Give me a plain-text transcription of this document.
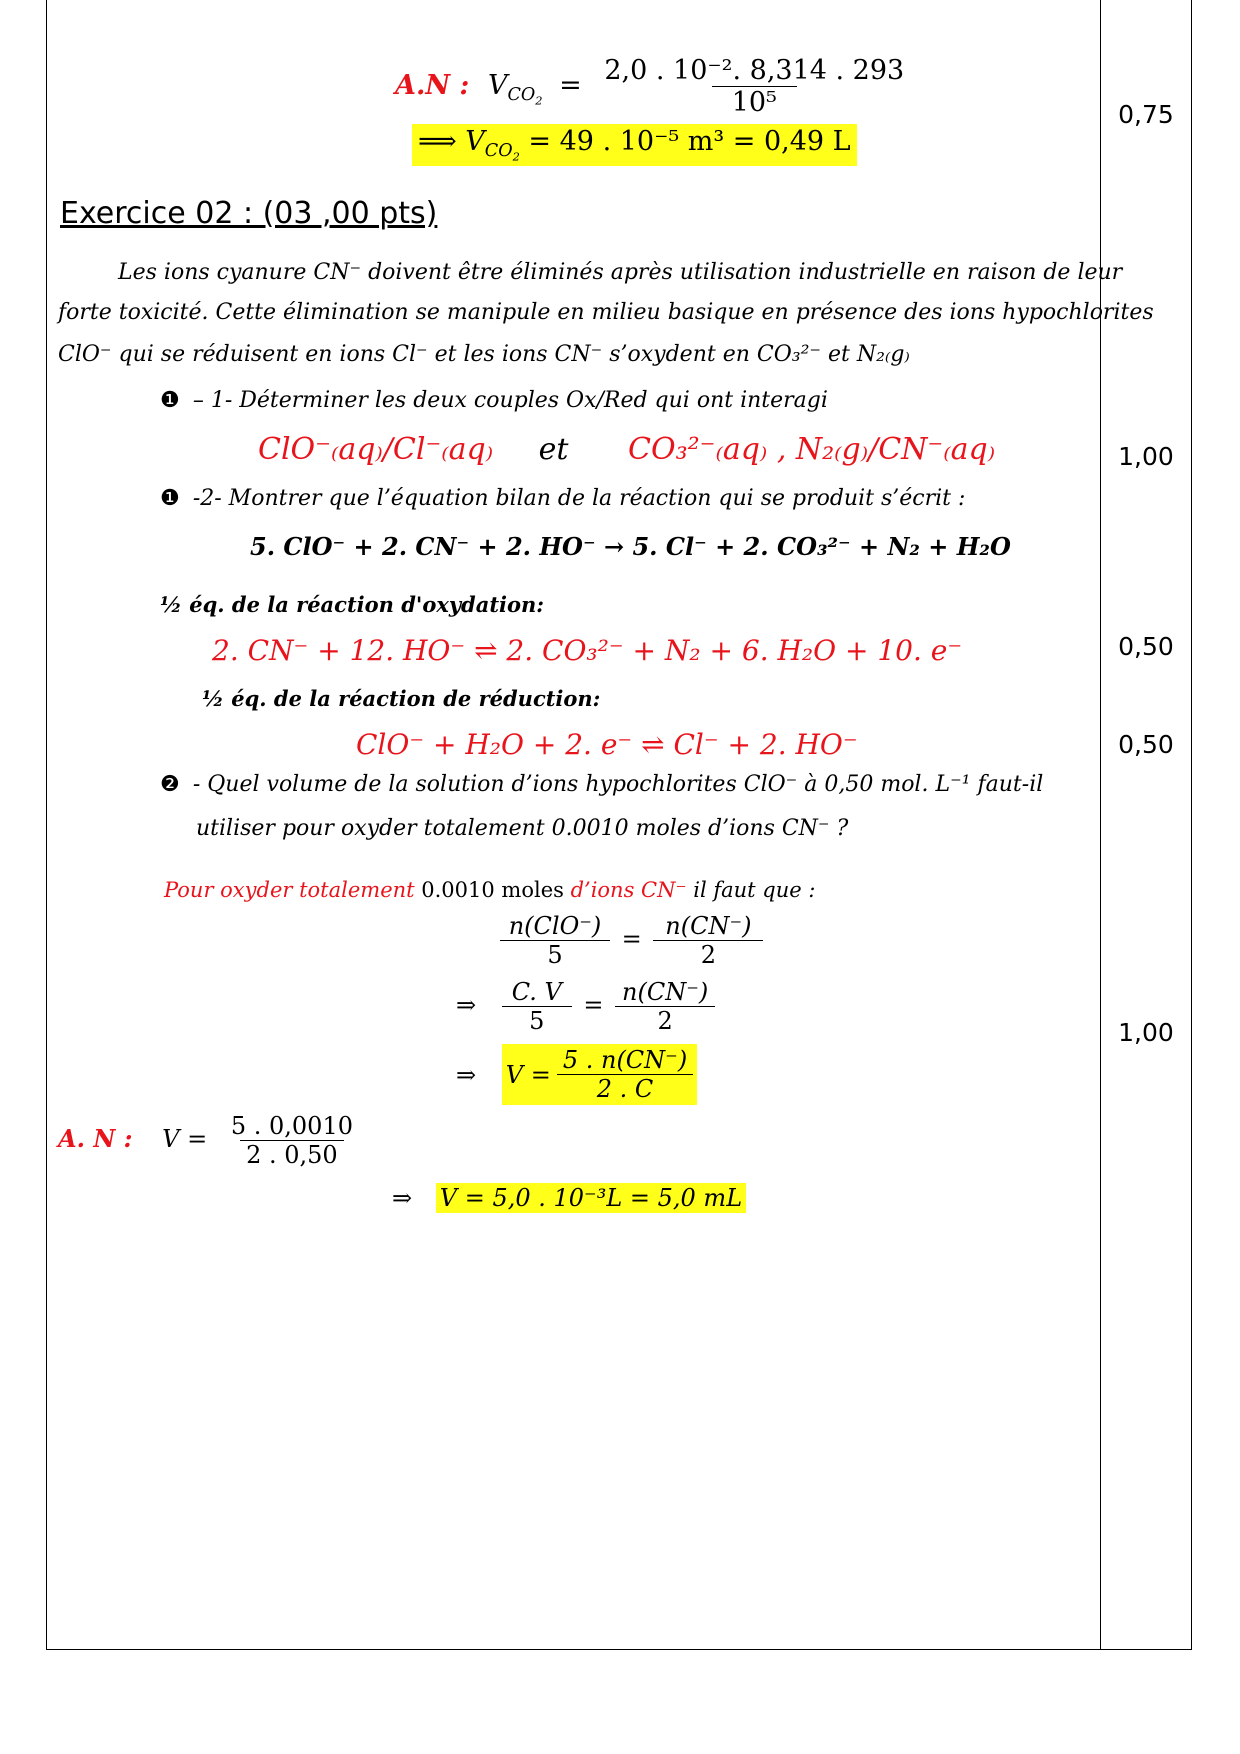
A.N : $V_{CO_2} = \frac{\text{2,0 . 10⁻². 8,314 . 293}}{\text{10⁵}}$
⟹ $V_{CO_2} = 49$ . 10⁻⁵ m³ = 0,49 L
0,75
Exercice 02 : (03 ,00 pts)
Les ions cyanure CN⁻ doivent être éliminés après utilisation industrielle en raison de leur
forte toxicité. Cette élimination se manipule en milieu basique en présence des ions hypochlorites
ClO⁻ qui se réduisent en ions Cl⁻ et les ions CN⁻ s’oxydent en CO₃²⁻ et N₂₍g₎
❶ – 1- Déterminer les deux couples Ox/Red qui ont interagi
ClO⁻₍aq₎/Cl⁻₍aq₎ et CO₃²⁻₍aq₎ , N₂₍g₎/CN⁻₍aq₎	1,00
❶ -2- Montrer que l’équation bilan de la réaction qui se produit s’écrit :
5. ClO⁻ + 2. CN⁻ + 2. HO⁻ → 5. Cl⁻ + 2. CO₃²⁻ + N₂ + H₂O
½ éq. de la réaction d'oxydation:
2. CN⁻ + 12. HO⁻ ⇌ 2. CO₃²⁻ + N₂ + 6. H₂O + 10. e⁻	0,50
½ éq. de la réaction de réduction:
ClO⁻ + H₂O + 2. e⁻ ⇌ Cl⁻ + 2. HO⁻	0,50
❷ - Quel volume de la solution d’ions hypochlorites ClO⁻ à 0,50 mol. L⁻¹ faut-il
utiliser pour oxyder totalement 0.0010 moles d’ions CN⁻ ?
Pour oxyder totalement 0.0010 moles d’ions CN⁻ il faut que :
$\frac{\text{n(ClO⁻)}}{5} = \frac{n(CN^-)}{2}$
⇒ $\frac{C. V}{5} = \frac{n(CN^-)}{2}$	1,00
⇒ $V = \frac{5 . n(CN^-)}{2 . C}$
A. N : $V = \frac{5 . 0,0010}{2 . 0,50}$
⇒ V = 5,0 . 10⁻³L = 5,0 mL
